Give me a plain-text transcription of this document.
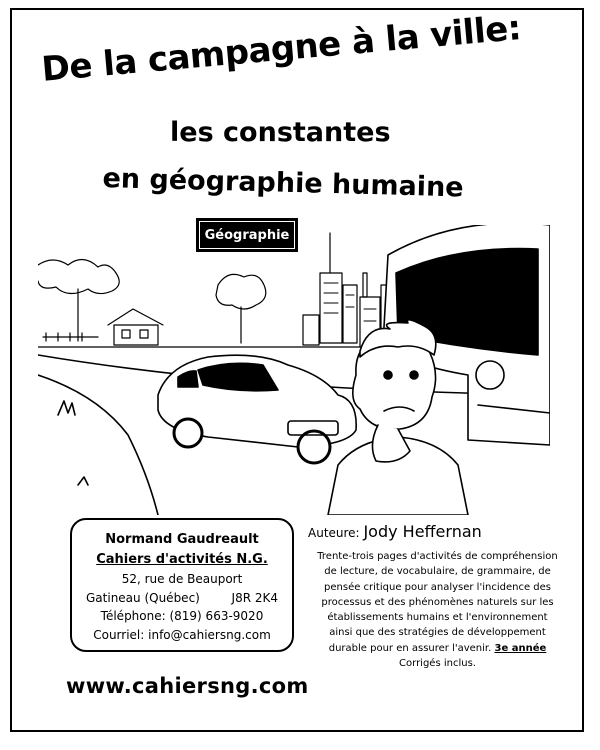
De la campagne à la ville:
les constantes
en géographie humaine
Géographie
Normand Gaudreault
Cahiers d'activités N.G.
52, rue de Beauport
Gatineau (Québec)	J8R 2K4
Téléphone: (819) 663-9020
Courriel: info@cahiersng.com
www.cahiersng.com
Auteure: Jody Heffernan
Trente-trois pages d'activités de compréhension de lecture, de vocabulaire, de grammaire, de pensée critique pour analyser l'incidence des processus et des phénomènes naturels sur les établissements humains et l'environnement ainsi que des stratégies de développement durable pour en assurer l'avenir. 3e année
Corrigés inclus.
